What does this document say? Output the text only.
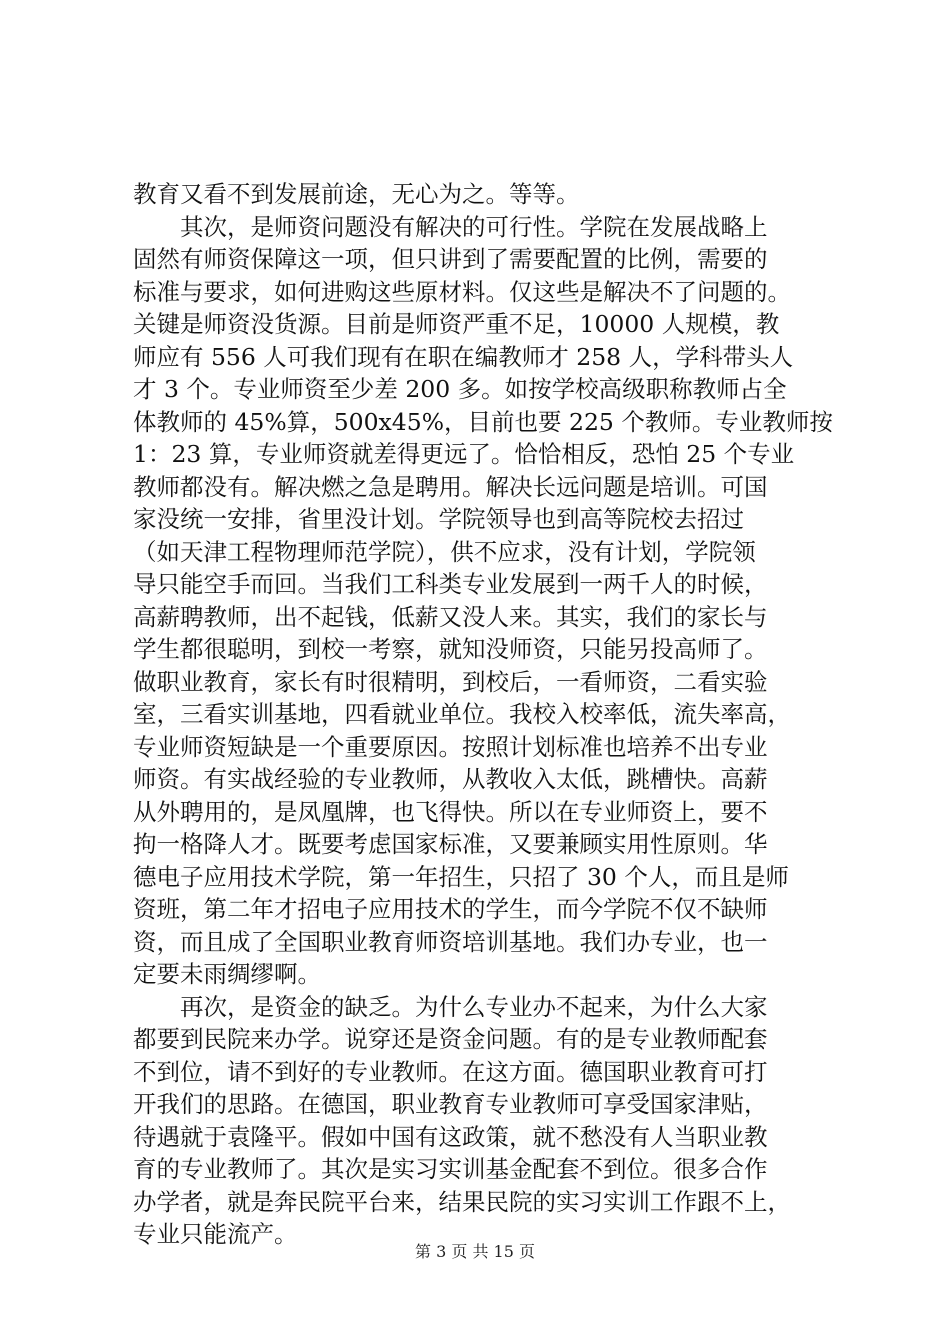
教育又看不到发展前途，无心为之。等等。
　　其次，是师资问题没有解决的可行性。学院在发展战略上
固然有师资保障这一项，但只讲到了需要配置的比例，需要的
标准与要求，如何进购这些原材料。仅这些是解决不了问题的。
关键是师资没货源。目前是师资严重不足，10000 人规模，教
师应有 556 人可我们现有在职在编教师才 258 人，学科带头人
才 3 个。专业师资至少差 200 多。如按学校高级职称教师占全
体教师的 45%算，500x45%，目前也要 225 个教师。专业教师按
1：23 算，专业师资就差得更远了。恰恰相反，恐怕 25 个专业
教师都没有。解决燃之急是聘用。解决长远问题是培训。可国
家没统一安排，省里没计划。学院领导也到高等院校去招过
（如天津工程物理师范学院），供不应求，没有计划，学院领
导只能空手而回。当我们工科类专业发展到一两千人的时候，
高薪聘教师，出不起钱，低薪又没人来。其实，我们的家长与
学生都很聪明，到校一考察，就知没师资，只能另投高师了。
做职业教育，家长有时很精明，到校后，一看师资，二看实验
室，三看实训基地，四看就业单位。我校入校率低，流失率高，
专业师资短缺是一个重要原因。按照计划标准也培养不出专业
师资。有实战经验的专业教师，从教收入太低，跳槽快。高薪
从外聘用的，是凤凰牌，也飞得快。所以在专业师资上，要不
拘一格降人才。既要考虑国家标准，又要兼顾实用性原则。华
德电子应用技术学院，第一年招生，只招了 30 个人，而且是师
资班，第二年才招电子应用技术的学生，而今学院不仅不缺师
资，而且成了全国职业教育师资培训基地。我们办专业，也一
定要未雨绸缪啊。
　　再次，是资金的缺乏。为什么专业办不起来，为什么大家
都要到民院来办学。说穿还是资金问题。有的是专业教师配套
不到位，请不到好的专业教师。在这方面。德国职业教育可打
开我们的思路。在德国，职业教育专业教师可享受国家津贴，
待遇就于袁隆平。假如中国有这政策，就不愁没有人当职业教
育的专业教师了。其次是实习实训基金配套不到位。很多合作
办学者，就是奔民院平台来，结果民院的实习实训工作跟不上，
专业只能流产。
第 3 页 共 15 页
